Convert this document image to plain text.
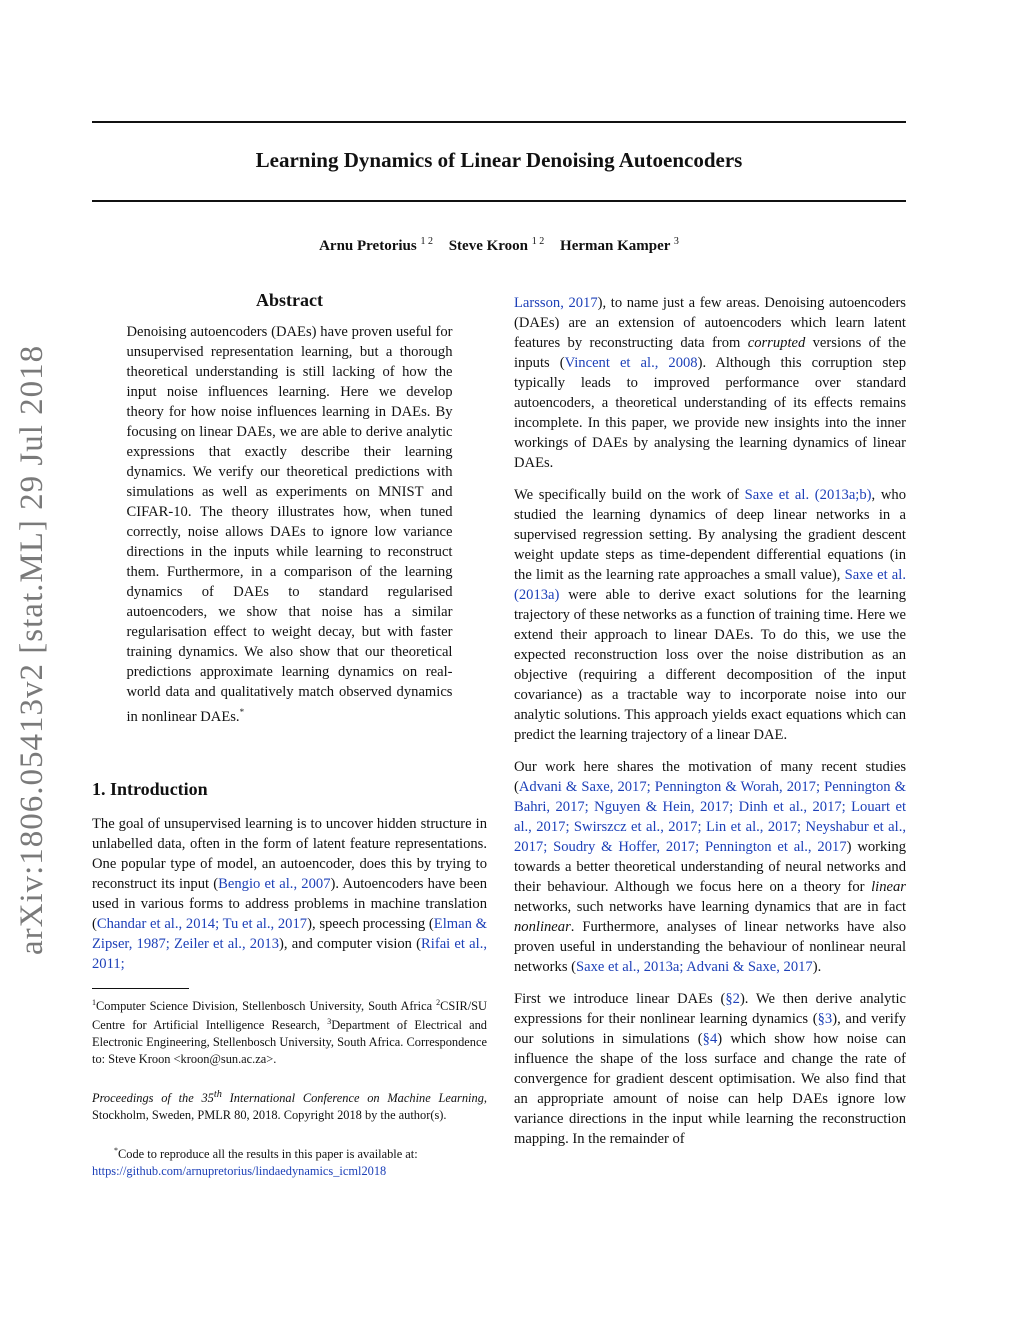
arXiv:1806.05413v2 [stat.ML] 29 Jul 2018
Learning Dynamics of Linear Denoising Autoencoders
Arnu Pretorius $^{1 2}$ Steve Kroon $^{1 2}$ Herman Kamper $^3$
Abstract
Denoising autoencoders (DAEs) have proven useful for unsupervised representation learning, but a thorough theoretical understanding is still lacking of how the input noise influences learning. Here we develop theory for how noise influences learning in DAEs. By focusing on linear DAEs, we are able to derive analytic expressions that exactly describe their learning dynamics. We verify our theoretical predictions with simulations as well as experiments on MNIST and CIFAR-10. The theory illustrates how, when tuned correctly, noise allows DAEs to ignore low variance directions in the inputs while learning to reconstruct them. Furthermore, in a comparison of the learning dynamics of DAEs to standard regularised autoencoders, we show that noise has a similar regularisation effect to weight decay, but with faster training dynamics. We also show that our theoretical predictions approximate learning dynamics on real-world data and qualitatively match observed dynamics in nonlinear DAEs.*
1. Introduction

The goal of unsupervised learning is to uncover hidden structure in unlabelled data, often in the form of latent feature representations. One popular type of model, an autoencoder, does this by trying to reconstruct its input (Bengio et al., 2007). Autoencoders have been used in various forms to address problems in machine translation (Chandar et al., 2014; Tu et al., 2017), speech processing (Elman & Zipser, 1987; Zeiler et al., 2013), and computer vision (Rifai et al., 2011;

$^1$Computer Science Division, Stellenbosch University, South Africa $^2$CSIR/SU Centre for Artificial Intelligence Research, $^3$Department of Electrical and Electronic Engineering, Stellenbosch University, South Africa. Correspondence to: Steve Kroon <kroon@sun.ac.za>.

Proceedings of the 35th International Conference on Machine Learning, Stockholm, Sweden, PMLR 80, 2018. Copyright 2018 by the author(s).

*Code to reproduce all the results in this paper is available at: https://github.com/arnupretorius/lindaedynamics_icml2018

Larsson, 2017), to name just a few areas. Denoising autoencoders (DAEs) are an extension of autoencoders which learn latent features by reconstructing data from corrupted versions of the inputs (Vincent et al., 2008). Although this corruption step typically leads to improved performance over standard autoencoders, a theoretical understanding of its effects remains incomplete. In this paper, we provide new insights into the inner workings of DAEs by analysing the learning dynamics of linear DAEs.

We specifically build on the work of Saxe et al. (2013a;b), who studied the learning dynamics of deep linear networks in a supervised regression setting. By analysing the gradient descent weight update steps as time-dependent differential equations (in the limit as the learning rate approaches a small value), Saxe et al. (2013a) were able to derive exact solutions for the learning trajectory of these networks as a function of training time. Here we extend their approach to linear DAEs. To do this, we use the expected reconstruction loss over the noise distribution as an objective (requiring a different decomposition of the input covariance) as a tractable way to incorporate noise into our analytic solutions. This approach yields exact equations which can predict the learning trajectory of a linear DAE.

Our work here shares the motivation of many recent studies (Advani & Saxe, 2017; Pennington & Worah, 2017; Pennington & Bahri, 2017; Nguyen & Hein, 2017; Dinh et al., 2017; Louart et al., 2017; Swirszcz et al., 2017; Lin et al., 2017; Neyshabur et al., 2017; Soudry & Hoffer, 2017; Pennington et al., 2017) working towards a better theoretical understanding of neural networks and their behaviour. Although we focus here on a theory for linear networks, such networks have learning dynamics that are in fact nonlinear. Furthermore, analyses of linear networks have also proven useful in understanding the behaviour of nonlinear neural networks (Saxe et al., 2013a; Advani & Saxe, 2017).

First we introduce linear DAEs (§2). We then derive analytic expressions for their nonlinear learning dynamics (§3), and verify our solutions in simulations (§4) which show how noise can influence the shape of the loss surface and change the rate of convergence for gradient descent optimisation. We also find that an appropriate amount of noise can help DAEs ignore low variance directions in the input while learning the reconstruction mapping. In the remainder of
